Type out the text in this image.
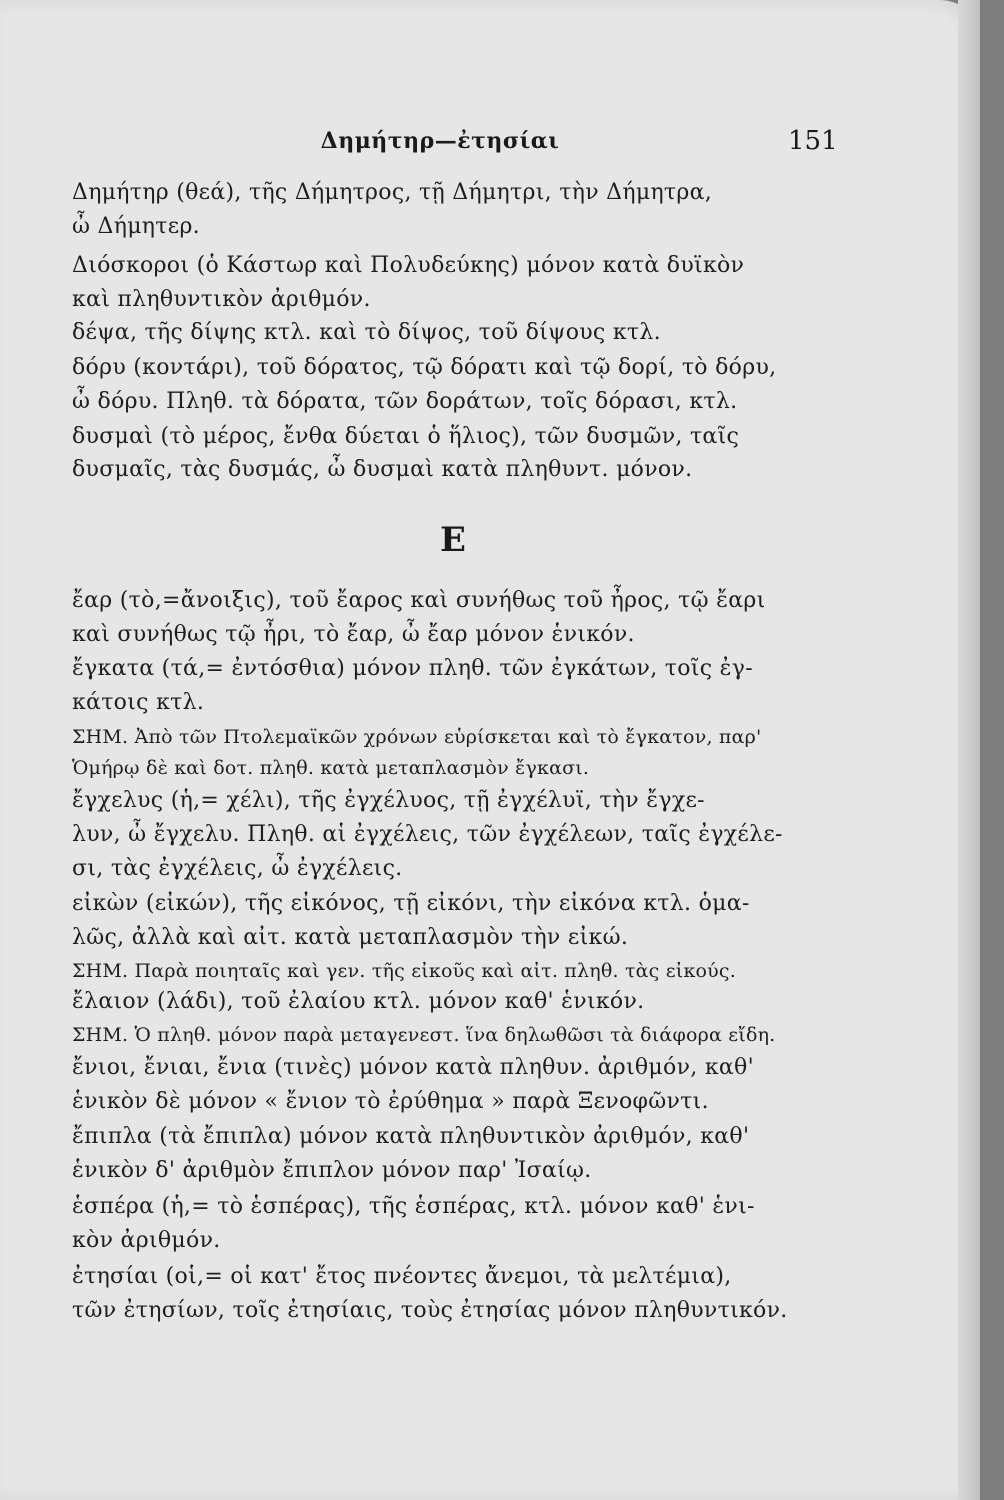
Δημήτηρ—ἐτησίαι	151
Δημήτηρ (θεά), τῆς Δήμητρος, τῇ Δήμητρι, τὴν Δήμητρα,
ὦ Δήμητερ.
Διόσκοροι (ὁ Κάστωρ καὶ Πολυδεύκης) μόνον κατὰ δυϊκὸν
καὶ πληθυντικὸν ἀριθμόν.
δέψα, τῆς δίψης κτλ. καὶ τὸ δίψος, τοῦ δίψους κτλ.
δόρυ (κοντάρι), τοῦ δόρατος, τῷ δόρατι καὶ τῷ δορί, τὸ δόρυ,
ὦ δόρυ. Πληθ. τὰ δόρατα, τῶν δοράτων, τοῖς δόρασι, κτλ.
δυσμαὶ (τὸ μέρος, ἔνθα δύεται ὁ ἥλιος), τῶν δυσμῶν, ταῖς
δυσμαῖς, τὰς δυσμάς, ὦ δυσμαὶ κατὰ πληθυντ. μόνον.
Ε
ἔαρ (τὸ,=ἄνοιξις), τοῦ ἔαρος καὶ συνήθως τοῦ ἦρος, τῷ ἔαρι
καὶ συνήθως τῷ ἦρι, τὸ ἔαρ, ὦ ἔαρ μόνον ἑνικόν.
ἔγκατα (τά,= ἐντόσθια) μόνον πληθ. τῶν ἐγκάτων, τοῖς ἐγ-
κάτοις κτλ.
ΣΗΜ. Ἀπὸ τῶν Πτολεμαϊκῶν χρόνων εὑρίσκεται καὶ τὸ ἔγκατον, παρ'
Ὁμήρῳ δὲ καὶ δοτ. πληθ. κατὰ μεταπλασμὸν ἔγκασι.
ἔγχελυς (ἡ,= χέλι), τῆς ἐγχέλυος, τῇ ἐγχέλυϊ, τὴν ἔγχε-
λυν, ὦ ἔγχελυ. Πληθ. αἱ ἐγχέλεις, τῶν ἐγχέλεων, ταῖς ἐγχέλε-
σι, τὰς ἐγχέλεις, ὦ ἐγχέλεις.
εἰκὼν (εἰκών), τῆς εἰκόνος, τῇ εἰκόνι, τὴν εἰκόνα κτλ. ὁμα-
λῶς, ἀλλὰ καὶ αἰτ. κατὰ μεταπλασμὸν τὴν εἰκώ.
ΣΗΜ. Παρὰ ποιηταῖς καὶ γεν. τῆς εἰκοῦς καὶ αἰτ. πληθ. τὰς εἰκούς.
ἔλαιον (λάδι), τοῦ ἐλαίου κτλ. μόνον καθ' ἑνικόν.
ΣΗΜ. Ὁ πληθ. μόνον παρὰ μεταγενεστ. ἵνα δηλωθῶσι τὰ διάφορα εἴδη.
ἔνιοι, ἔνιαι, ἔνια (τινὲς) μόνον κατὰ πληθυν. ἀριθμόν, καθ'
ἑνικὸν δὲ μόνον « ἔνιον τὸ ἐρύθημα » παρὰ Ξενοφῶντι.
ἔπιπλα (τὰ ἔπιπλα) μόνον κατὰ πληθυντικὸν ἀριθμόν, καθ'
ἑνικὸν δ' ἀριθμὸν ἔπιπλον μόνον παρ' Ἰσαίῳ.
ἑσπέρα (ἡ,= τὸ ἑσπέρας), τῆς ἑσπέρας, κτλ. μόνον καθ' ἑνι-
κὸν ἀριθμόν.
ἐτησίαι (οἱ,= οἱ κατ' ἔτος πνέοντες ἄνεμοι, τὰ μελτέμια),
τῶν ἐτησίων, τοῖς ἐτησίαις, τοὺς ἐτησίας μόνον πληθυντικόν.
